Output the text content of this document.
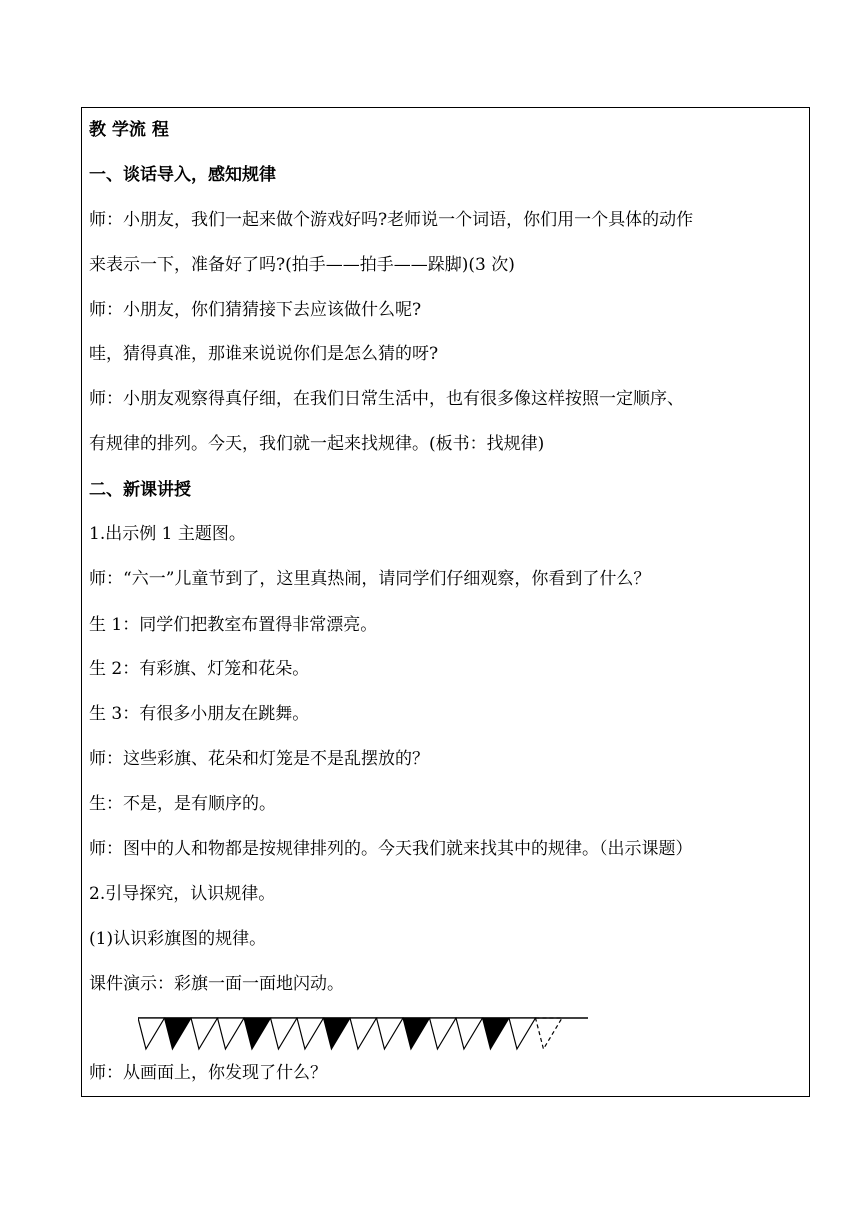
教 学流 程
一、谈话导入，感知规律
师：小朋友，我们一起来做个游戏好吗?老师说一个词语，你们用一个具体的动作
来表示一下，准备好了吗?(拍手——拍手——跺脚)(3 次)
师：小朋友，你们猜猜接下去应该做什么呢?
哇，猜得真准，那谁来说说你们是怎么猜的呀?
师：小朋友观察得真仔细，在我们日常生活中，也有很多像这样按照一定顺序、
有规律的排列。今天，我们就一起来找规律。(板书：找规律)
二、新课讲授
1.出示例 1 主题图。
师：“六一”儿童节到了，这里真热闹，请同学们仔细观察，你看到了什么？
生 1：同学们把教室布置得非常漂亮。
生 2：有彩旗、灯笼和花朵。
生 3：有很多小朋友在跳舞。
师：这些彩旗、花朵和灯笼是不是乱摆放的？
生：不是，是有顺序的。
师：图中的人和物都是按规律排列的。今天我们就来找其中的规律。（出示课题）
2.引导探究，认识规律。
(1)认识彩旗图的规律。
课件演示：彩旗一面一面地闪动。
师：从画面上，你发现了什么？
